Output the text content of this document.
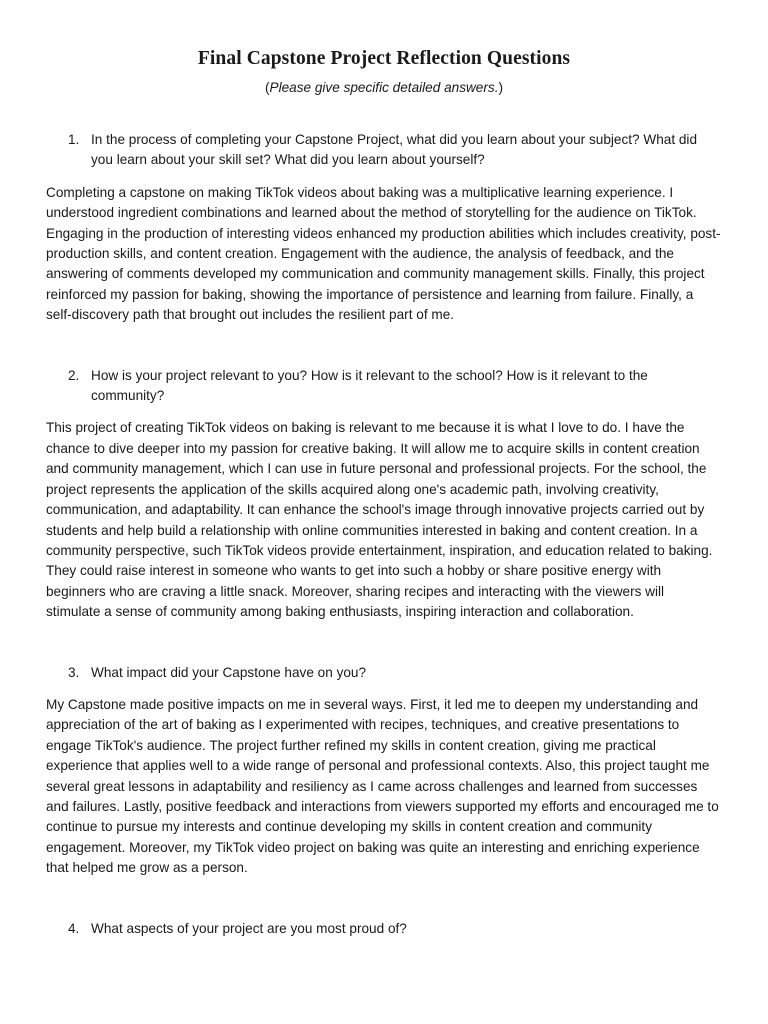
Final Capstone Project Reflection Questions

(Please give specific detailed answers.)

1. In the process of completing your Capstone Project, what did you learn about your subject? What did you learn about your skill set? What did you learn about yourself?

Completing a capstone on making TikTok videos about baking was a multiplicative learning experience. I understood ingredient combinations and learned about the method of storytelling for the audience on TikTok. Engaging in the production of interesting videos enhanced my production abilities which includes creativity, post-production skills, and content creation. Engagement with the audience, the analysis of feedback, and the answering of comments developed my communication and community management skills. Finally, this project reinforced my passion for baking, showing the importance of persistence and learning from failure. Finally, a self-discovery path that brought out includes the resilient part of me.

2. How is your project relevant to you? How is it relevant to the school? How is it relevant to the community?

This project of creating TikTok videos on baking is relevant to me because it is what I love to do. I have the chance to dive deeper into my passion for creative baking. It will allow me to acquire skills in content creation and community management, which I can use in future personal and professional projects. For the school, the project represents the application of the skills acquired along one's academic path, involving creativity, communication, and adaptability. It can enhance the school's image through innovative projects carried out by students and help build a relationship with online communities interested in baking and content creation. In a community perspective, such TikTok videos provide entertainment, inspiration, and education related to baking. They could raise interest in someone who wants to get into such a hobby or share positive energy with beginners who are craving a little snack. Moreover, sharing recipes and interacting with the viewers will stimulate a sense of community among baking enthusiasts, inspiring interaction and collaboration.

3. What impact did your Capstone have on you?

My Capstone made positive impacts on me in several ways. First, it led me to deepen my understanding and appreciation of the art of baking as I experimented with recipes, techniques, and creative presentations to engage TikTok's audience. The project further refined my skills in content creation, giving me practical experience that applies well to a wide range of personal and professional contexts. Also, this project taught me several great lessons in adaptability and resiliency as I came across challenges and learned from successes and failures. Lastly, positive feedback and interactions from viewers supported my efforts and encouraged me to continue to pursue my interests and continue developing my skills in content creation and community engagement. Moreover, my TikTok video project on baking was quite an interesting and enriching experience that helped me grow as a person.

4. What aspects of your project are you most proud of?
